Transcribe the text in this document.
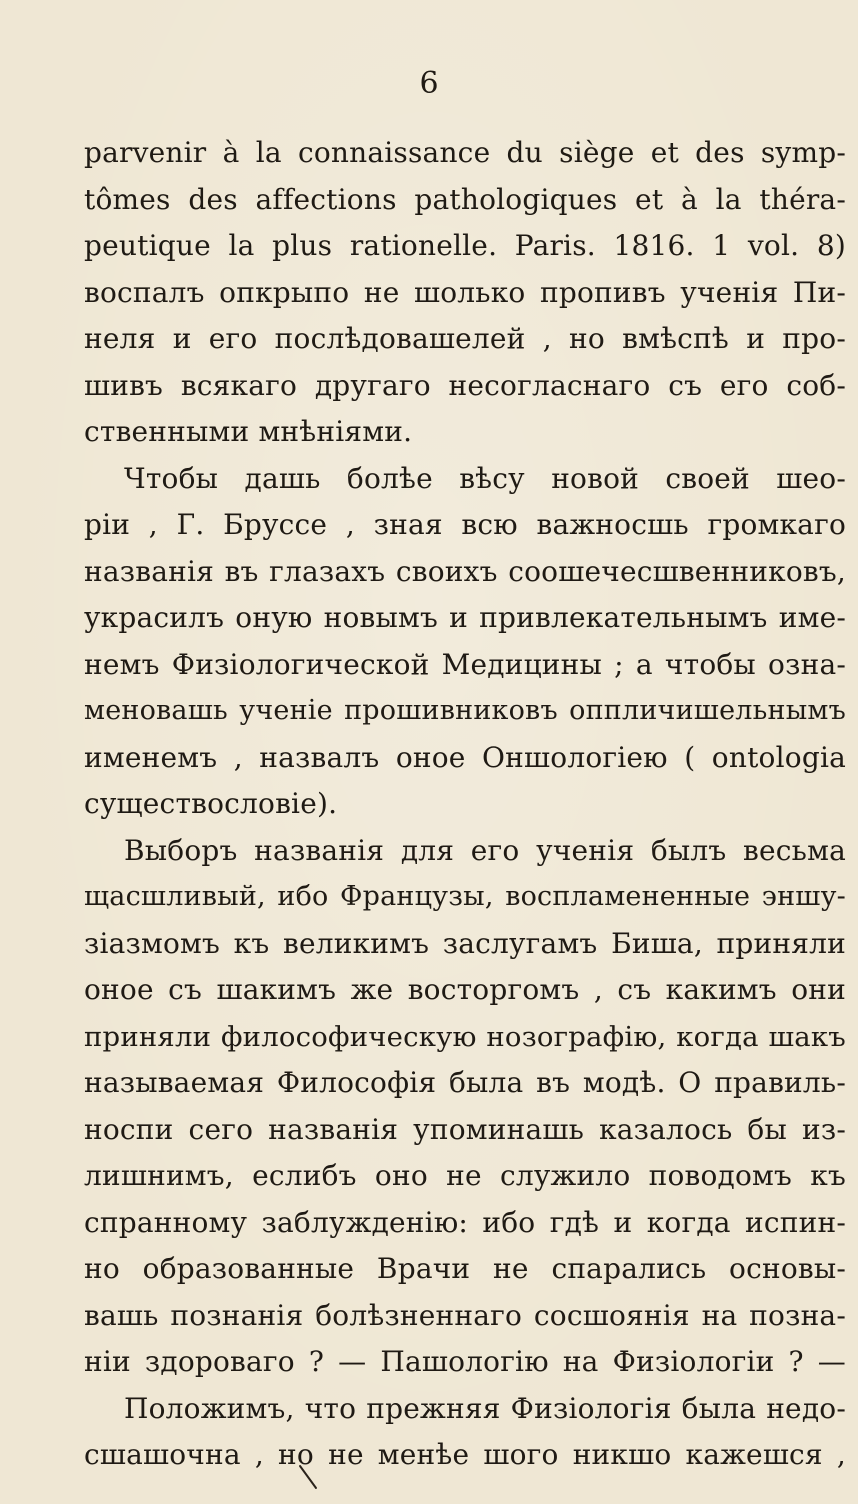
6
parvenir à la connaissance du siège et des symp-
tômes des affections pathologiques et à la théra-
peutique la plus rationelle. Paris. 1816. 1 vol. 8)
воспалъ опкрыпо не шолько пропивъ ученія Пи-
неля и его послѣдовашелей , но вмѣспѣ и про-
шивъ всякаго другаго несогласнаго съ его соб-
ственными мнѣніями.
Чтобы дашь болѣе вѣсу новой своей шео-
ріи , Г. Бруссе , зная всю важносшь громкаго
названія въ глазахъ своихъ соошечесшвенниковъ,
украсилъ оную новымъ и привлекательнымъ име-
немъ Физіологической Медицины ; а чтобы озна-
меновашь ученіе прошивниковъ оппличишельнымъ
именемъ , назвалъ оное Оншологіею ( ontologia
существословіе).
Выборъ названія для его ученія былъ весьма
щасшливый, ибо Французы, воспламененные эншу-
зіазмомъ къ великимъ заслугамъ Биша, приняли
оное съ шакимъ же восторгомъ , съ какимъ они
приняли философическую нозографію, когда шакъ
называемая Философія была въ модѣ. О правиль-
носпи сего названія упоминашь казалось бы из-
лишнимъ, еслибъ оно не служило поводомъ къ
спранному заблужденію: ибо гдѣ и когда испин-
но образованные Врачи не спарались основы-
вашь познанія болѣзненнаго сосшоянія на позна-
ніи здороваго ? — Пашологію на Физіологіи ? —
Положимъ, что прежняя Физіологія была недо-
сшашочна , но не менѣе шого никшо кажешся ,
